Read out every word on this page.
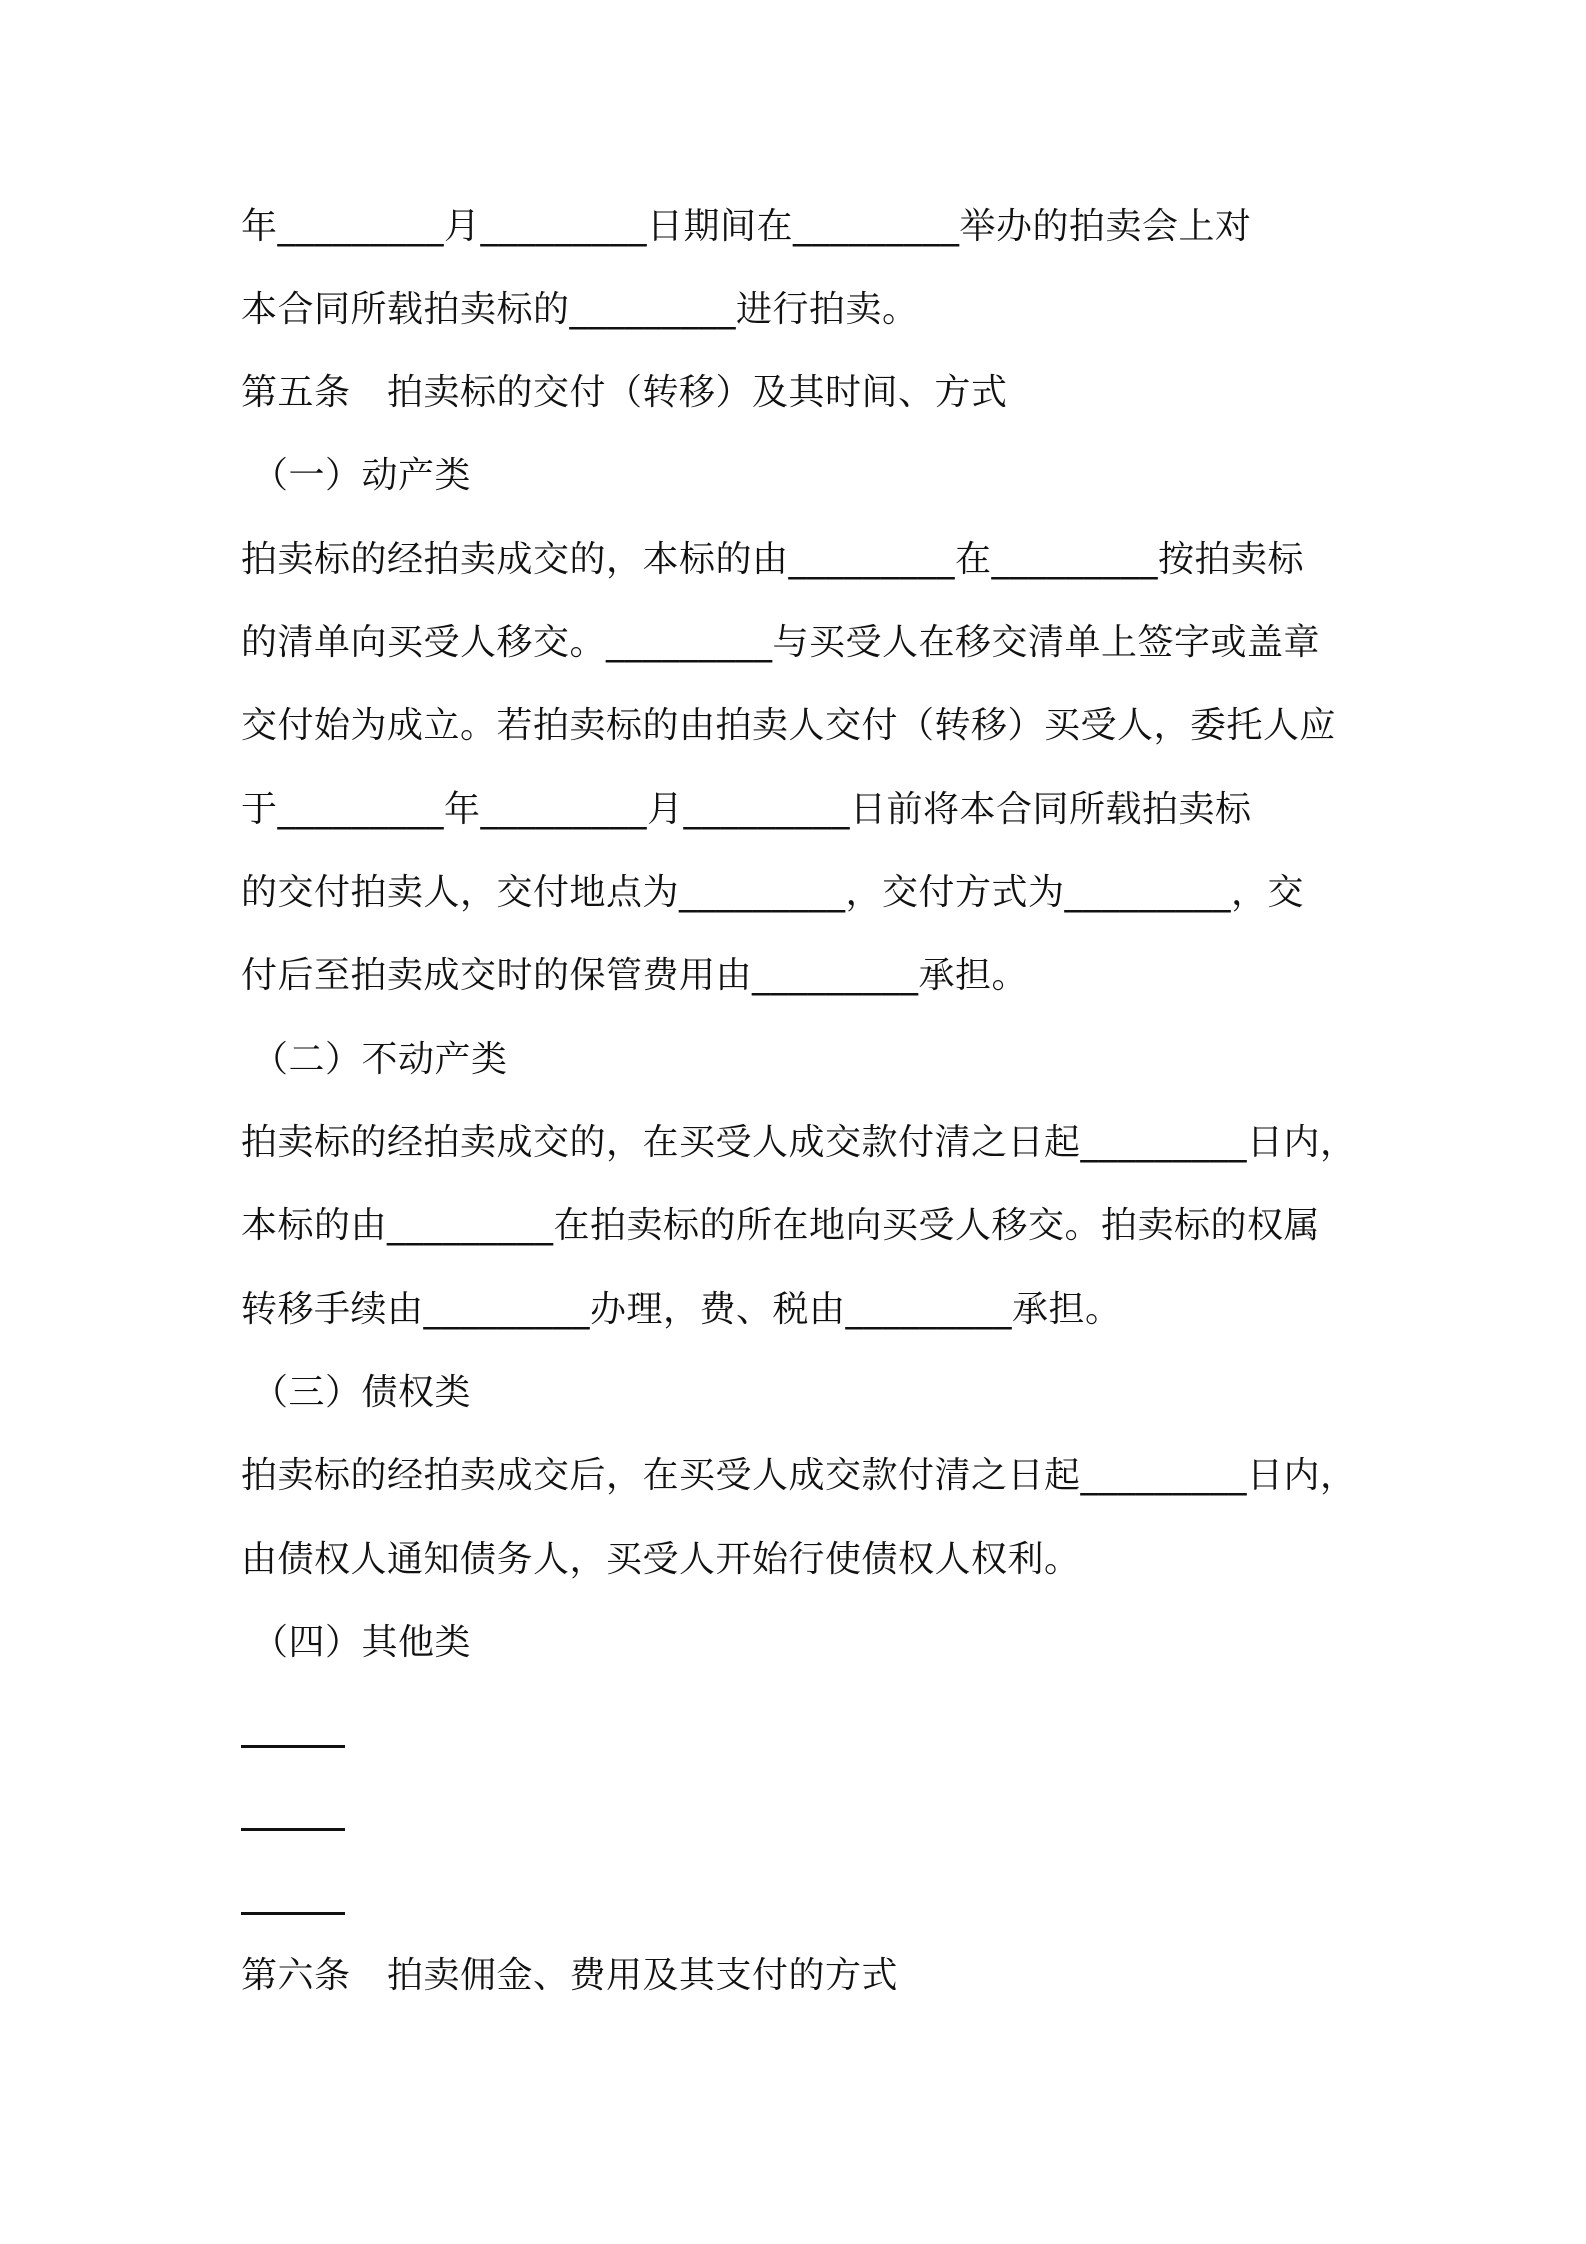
年_________月_________日期间在_________举办的拍卖会上对
本合同所载拍卖标的_________进行拍卖。
第五条　拍卖标的交付（转移）及其时间、方式
（一）动产类
拍卖标的经拍卖成交的，本标的由_________在_________按拍卖标
的清单向买受人移交。_________与买受人在移交清单上签字或盖章
交付始为成立。若拍卖标的由拍卖人交付（转移）买受人，委托人应
于_________年_________月_________日前将本合同所载拍卖标
的交付拍卖人，交付地点为_________，交付方式为_________，交
付后至拍卖成交时的保管费用由_________承担。
（二）不动产类
拍卖标的经拍卖成交的，在买受人成交款付清之日起_________日内，
本标的由_________在拍卖标的所在地向买受人移交。拍卖标的权属
转移手续由_________办理，费、税由_________承担。
（三）债权类
拍卖标的经拍卖成交后，在买受人成交款付清之日起_________日内，
由债权人通知债务人，买受人开始行使债权人权利。
（四）其他类
第六条　拍卖佣金、费用及其支付的方式
